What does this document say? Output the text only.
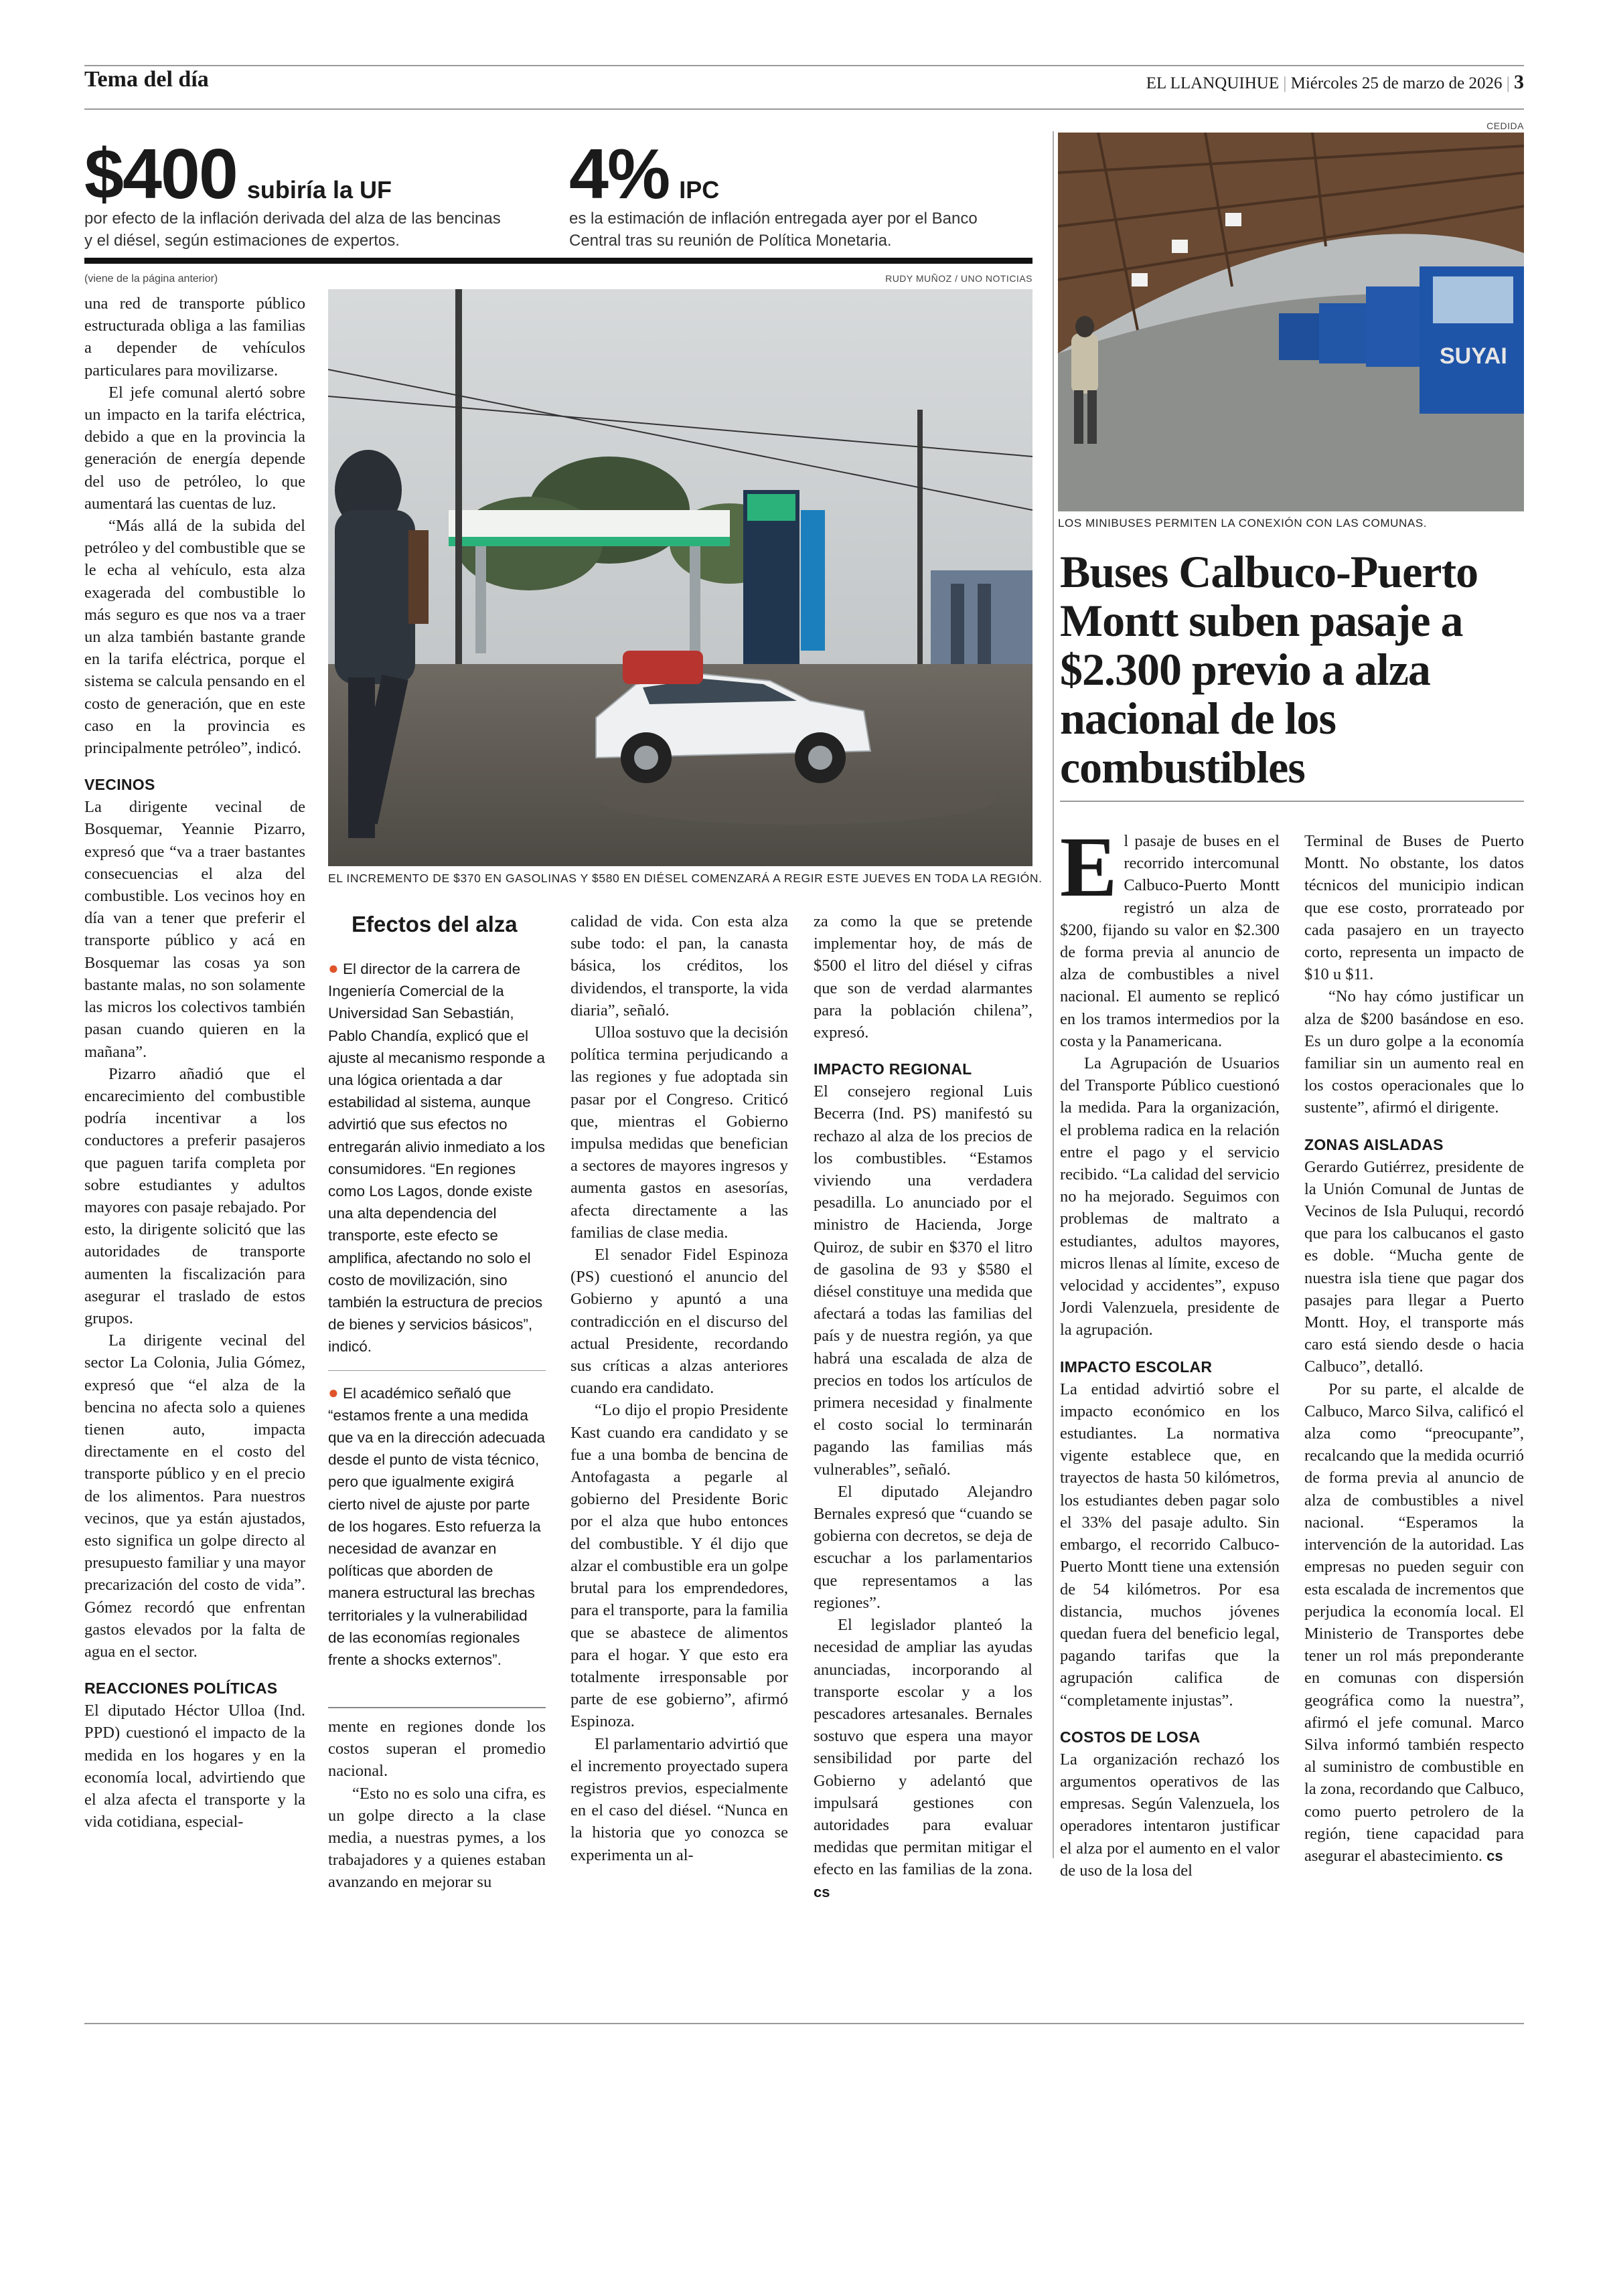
Tema del día	EL LLANQUIHUE | Miércoles 25 de marzo de 2026 | 3
$400 subiría la UF
por efecto de la inflación derivada del alza de las bencinas y el diésel, según estimaciones de expertos.
4% IPC
es la estimación de inflación entregada ayer por el Banco Central tras su reunión de Política Monetaria.
(viene de la página anterior)	RUDY MUÑOZ / UNO NOTICIAS
EL INCREMENTO DE $370 EN GASOLINAS Y $580 EN DIÉSEL COMENZARÁ A REGIR ESTE JUEVES EN TODA LA REGIÓN.

una red de transporte público estructurada obliga a las familias a depender de vehículos particulares para movilizarse.

El jefe comunal alertó sobre un impacto en la tarifa eléctrica, debido a que en la provincia la generación de energía depende del uso de petróleo, lo que aumentará las cuentas de luz.

“Más allá de la subida del petróleo y del combustible que se le echa al vehículo, esta alza exagerada del combustible lo más seguro es que nos va a traer un alza también bastante grande en la tarifa eléctrica, porque el sistema se calcula pensando en el costo de generación, que en este caso en la provincia es principalmente petróleo”, indicó.

VECINOS

La dirigente vecinal de Bosquemar, Yeannie Pizarro, expresó que “va a traer bastantes consecuencias el alza del combustible. Los vecinos hoy en día van a tener que preferir el transporte público y acá en Bosquemar las cosas ya son bastante malas, no son solamente las micros los colectivos también pasan cuando quieren en la mañana”.

Pizarro añadió que el encarecimiento del combustible podría incentivar a los conductores a preferir pasajeros que paguen tarifa completa por sobre estudiantes y adultos mayores con pasaje rebajado. Por esto, la dirigente solicitó que las autoridades de transporte aumenten la fiscalización para asegurar el traslado de estos grupos.

La dirigente vecinal del sector La Colonia, Julia Gómez, expresó que “el alza de la bencina no afecta solo a quienes tienen auto, impacta directamente en el costo del transporte público y en el precio de los alimentos. Para nuestros vecinos, que ya están ajustados, esto significa un golpe directo al presupuesto familiar y una mayor precarización del costo de vida”. Gómez recordó que enfrentan gastos elevados por la falta de agua en el sector.

REACCIONES POLÍTICAS

El diputado Héctor Ulloa (Ind. PPD) cuestionó el impacto de la medida en los hogares y en la economía local, advirtiendo que el alza afecta el transporte y la vida cotidiana, especial-

Efectos del alza

● El director de la carrera de Ingeniería Comercial de la Universidad San Sebastián, Pablo Chandía, explicó que el ajuste al mecanismo responde a una lógica orientada a dar estabilidad al sistema, aunque advirtió que sus efectos no entregarán alivio inmediato a los consumidores. “En regiones como Los Lagos, donde existe una alta dependencia del transporte, este efecto se amplifica, afectando no solo el costo de movilización, sino también la estructura de precios de bienes y servicios básicos”, indicó.

● El académico señaló que “estamos frente a una medida que va en la dirección adecuada desde el punto de vista técnico, pero que igualmente exigirá cierto nivel de ajuste por parte de los hogares. Esto refuerza la necesidad de avanzar en políticas que aborden de manera estructural las brechas territoriales y la vulnerabilidad de las economías regionales frente a shocks externos”.

mente en regiones donde los costos superan el promedio nacional.

“Esto no es solo una cifra, es un golpe directo a la clase media, a nuestras pymes, a los trabajadores y a quienes estaban avanzando en mejorar su

calidad de vida. Con esta alza sube todo: el pan, la canasta básica, los créditos, los dividendos, el transporte, la vida diaria”, señaló.

Ulloa sostuvo que la decisión política termina perjudicando a las regiones y fue adoptada sin pasar por el Congreso. Criticó que, mientras el Gobierno impulsa medidas que benefician a sectores de mayores ingresos y aumenta gastos en asesorías, afecta directamente a las familias de clase media.

El senador Fidel Espinoza (PS) cuestionó el anuncio del Gobierno y apuntó a una contradicción en el discurso del actual Presidente, recordando sus críticas a alzas anteriores cuando era candidato.

“Lo dijo el propio Presidente Kast cuando era candidato y se fue a una bomba de bencina de Antofagasta a pegarle al gobierno del Presidente Boric por el alza que hubo entonces del combustible. Y él dijo que alzar el combustible era un golpe brutal para los emprendedores, para el transporte, para la familia que se abastece de alimentos para el hogar. Y que esto era totalmente irresponsable por parte de ese gobierno”, afirmó Espinoza.

El parlamentario advirtió que el incremento proyectado supera registros previos, especialmente en el caso del diésel. “Nunca en la historia que yo conozca se experimenta un al-

za como la que se pretende implementar hoy, de más de $500 el litro del diésel y cifras que son de verdad alarmantes para la población chilena”, expresó.

IMPACTO REGIONAL

El consejero regional Luis Becerra (Ind. PS) manifestó su rechazo al alza de los precios de los combustibles. “Estamos viviendo una verdadera pesadilla. Lo anunciado por el ministro de Hacienda, Jorge Quiroz, de subir en $370 el litro de gasolina de 93 y $580 el diésel constituye una medida que afectará a todas las familias del país y de nuestra región, ya que habrá una escalada de alza de precios en todos los artículos de primera necesidad y finalmente el costo social lo terminarán pagando las familias más vulnerables”, señaló.

El diputado Alejandro Bernales expresó que “cuando se gobierna con decretos, se deja de escuchar a los parlamentarios que representamos a las regiones”.

El legislador planteó la necesidad de ampliar las ayudas anunciadas, incorporando al transporte escolar y a los pescadores artesanales. Bernales sostuvo que espera una mayor sensibilidad por parte del Gobierno y adelantó que impulsará gestiones con autoridades para evaluar medidas que permitan mitigar el efecto en las familias de la zona. cs

CEDIDA
SUYAI
LOS MINIBUSES PERMITEN LA CONEXIÓN CON LAS COMUNAS.
Buses Calbuco-Puerto Montt suben pasaje a $2.300 previo a alza nacional de los combustibles

El pasaje de buses en el recorrido intercomunal Calbuco-Puerto Montt registró un alza de $200, fijando su valor en $2.300 de forma previa al anuncio de alza de combustibles a nivel nacional. El aumento se replicó en los tramos intermedios por la costa y la Panamericana.

La Agrupación de Usuarios del Transporte Público cuestionó la medida. Para la organización, el problema radica en la relación entre el pago y el servicio recibido. “La calidad del servicio no ha mejorado. Seguimos con problemas de maltrato a estudiantes, adultos mayores, micros llenas al límite, exceso de velocidad y accidentes”, expuso Jordi Valenzuela, presidente de la agrupación.

IMPACTO ESCOLAR

La entidad advirtió sobre el impacto económico en los estudiantes. La normativa vigente establece que, en trayectos de hasta 50 kilómetros, los estudiantes deben pagar solo el 33% del pasaje adulto. Sin embargo, el recorrido Calbuco-Puerto Montt tiene una extensión de 54 kilómetros. Por esa distancia, muchos jóvenes quedan fuera del beneficio legal, pagando tarifas que la agrupación califica de “completamente injustas”.

COSTOS DE LOSA

La organización rechazó los argumentos operativos de las empresas. Según Valenzuela, los operadores intentaron justificar el alza por el aumento en el valor de uso de la losa del

Terminal de Buses de Puerto Montt. No obstante, los datos técnicos del municipio indican que ese costo, prorrateado por cada pasajero en un trayecto corto, representa un impacto de $10 u $11.

“No hay cómo justificar un alza de $200 basándose en eso. Es un duro golpe a la economía familiar sin un aumento real en los costos operacionales que lo sustente”, afirmó el dirigente.

ZONAS AISLADAS

Gerardo Gutiérrez, presidente de la Unión Comunal de Juntas de Vecinos de Isla Puluqui, recordó que para los calbucanos el gasto es doble. “Mucha gente de nuestra isla tiene que pagar dos pasajes para llegar a Puerto Montt. Hoy, el transporte más caro está siendo desde o hacia Calbuco”, detalló.

Por su parte, el alcalde de Calbuco, Marco Silva, calificó el alza como “preocupante”, recalcando que la medida ocurrió de forma previa al anuncio de alza de combustibles a nivel nacional. “Esperamos la intervención de la autoridad. Las empresas no pueden seguir con esta escalada de incrementos que perjudica la economía local. El Ministerio de Transportes debe tener un rol más preponderante en comunas con dispersión geográfica como la nuestra”, afirmó el jefe comunal. Marco Silva informó también respecto al suministro de combustible en la zona, recordando que Calbuco, como puerto petrolero de la región, tiene capacidad para asegurar el abastecimiento. cs
